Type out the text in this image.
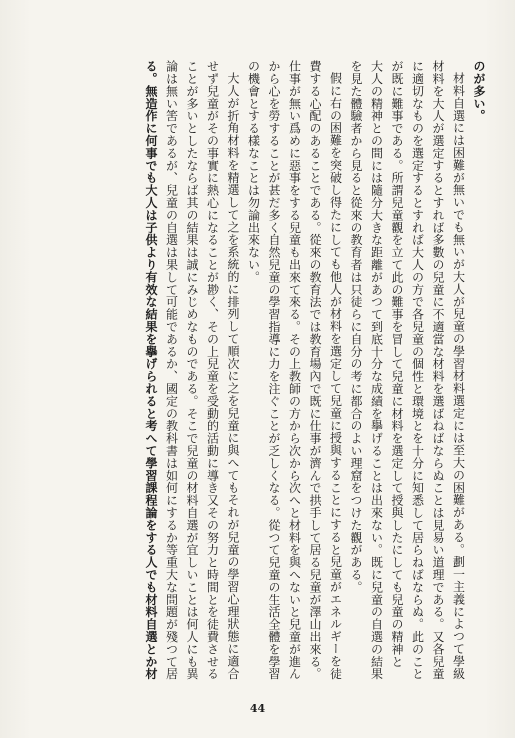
のが多い。
材料自選には困難が無いでも無いが大人が兒童の學習材料選定には至大の困難がある。劃一主義によつて學級
材料を大人が選定するとすれば多數の兒童に不適當な材料を選ばねばならぬことは見易い道理である。又各兒童
に適切なものを選定するとすれば大人の方で各兒童の個性と環境とを十分に知悉して居らねばならぬ。此のこと
が既に難事である。所謂兒童觀を立て此の難事を冒して兒童に材料を選定して授與したにしても兒童の精神と
大人の精神との間には隨分大きな距離があつて到底十分な成績を擧げることは出來ない。既に兒童の自選の結果
を見た體驗者から見ると從來の教育者は只徒らに自分の考に都合のよい理窟をつけた觀がある。
假に右の困難を突破し得たにしても他人が材料を選定して兒童に授與することにすると兒童がエネルギーを徒
費する心配のあることである。從來の教育法では教育場內で既に仕事が濟んで拱手して居る兒童が澤山出來る。
仕事が無い爲めに惡事をする兒童も出來て來る。その上教師の方から次から次へと材料を與へないと兒童が進ん
から心を勞することが甚だ多く自然兒童の學習指導に力を注ぐことが乏しくなる。從つて兒童の生活全體を學習
の機會とする樣なことは勿論出來ない。
大人が折角材料を精選して之を系統的に排列して順次に之を兒童に與へてもそれが兒童の學習心理狀態に適合
せず兒童がその事實に熱心になることが尠く、その上兒童を受動的活動に導き又その努力と時間とを徒費させる
ことが多いとしたならば其の結果は誠にみじめなものである。そこで兒童の材料自選が宜しいことは何人にも異
論は無い筈であるが、兒童の自選は果して可能であるか、國定の教科書は如何にするか等重大な問題が殘つて居
る。無造作に何事でも大人は子供より有效な結果を擧げられると考へて學習課程論をする人でも材料自選とか材
44
